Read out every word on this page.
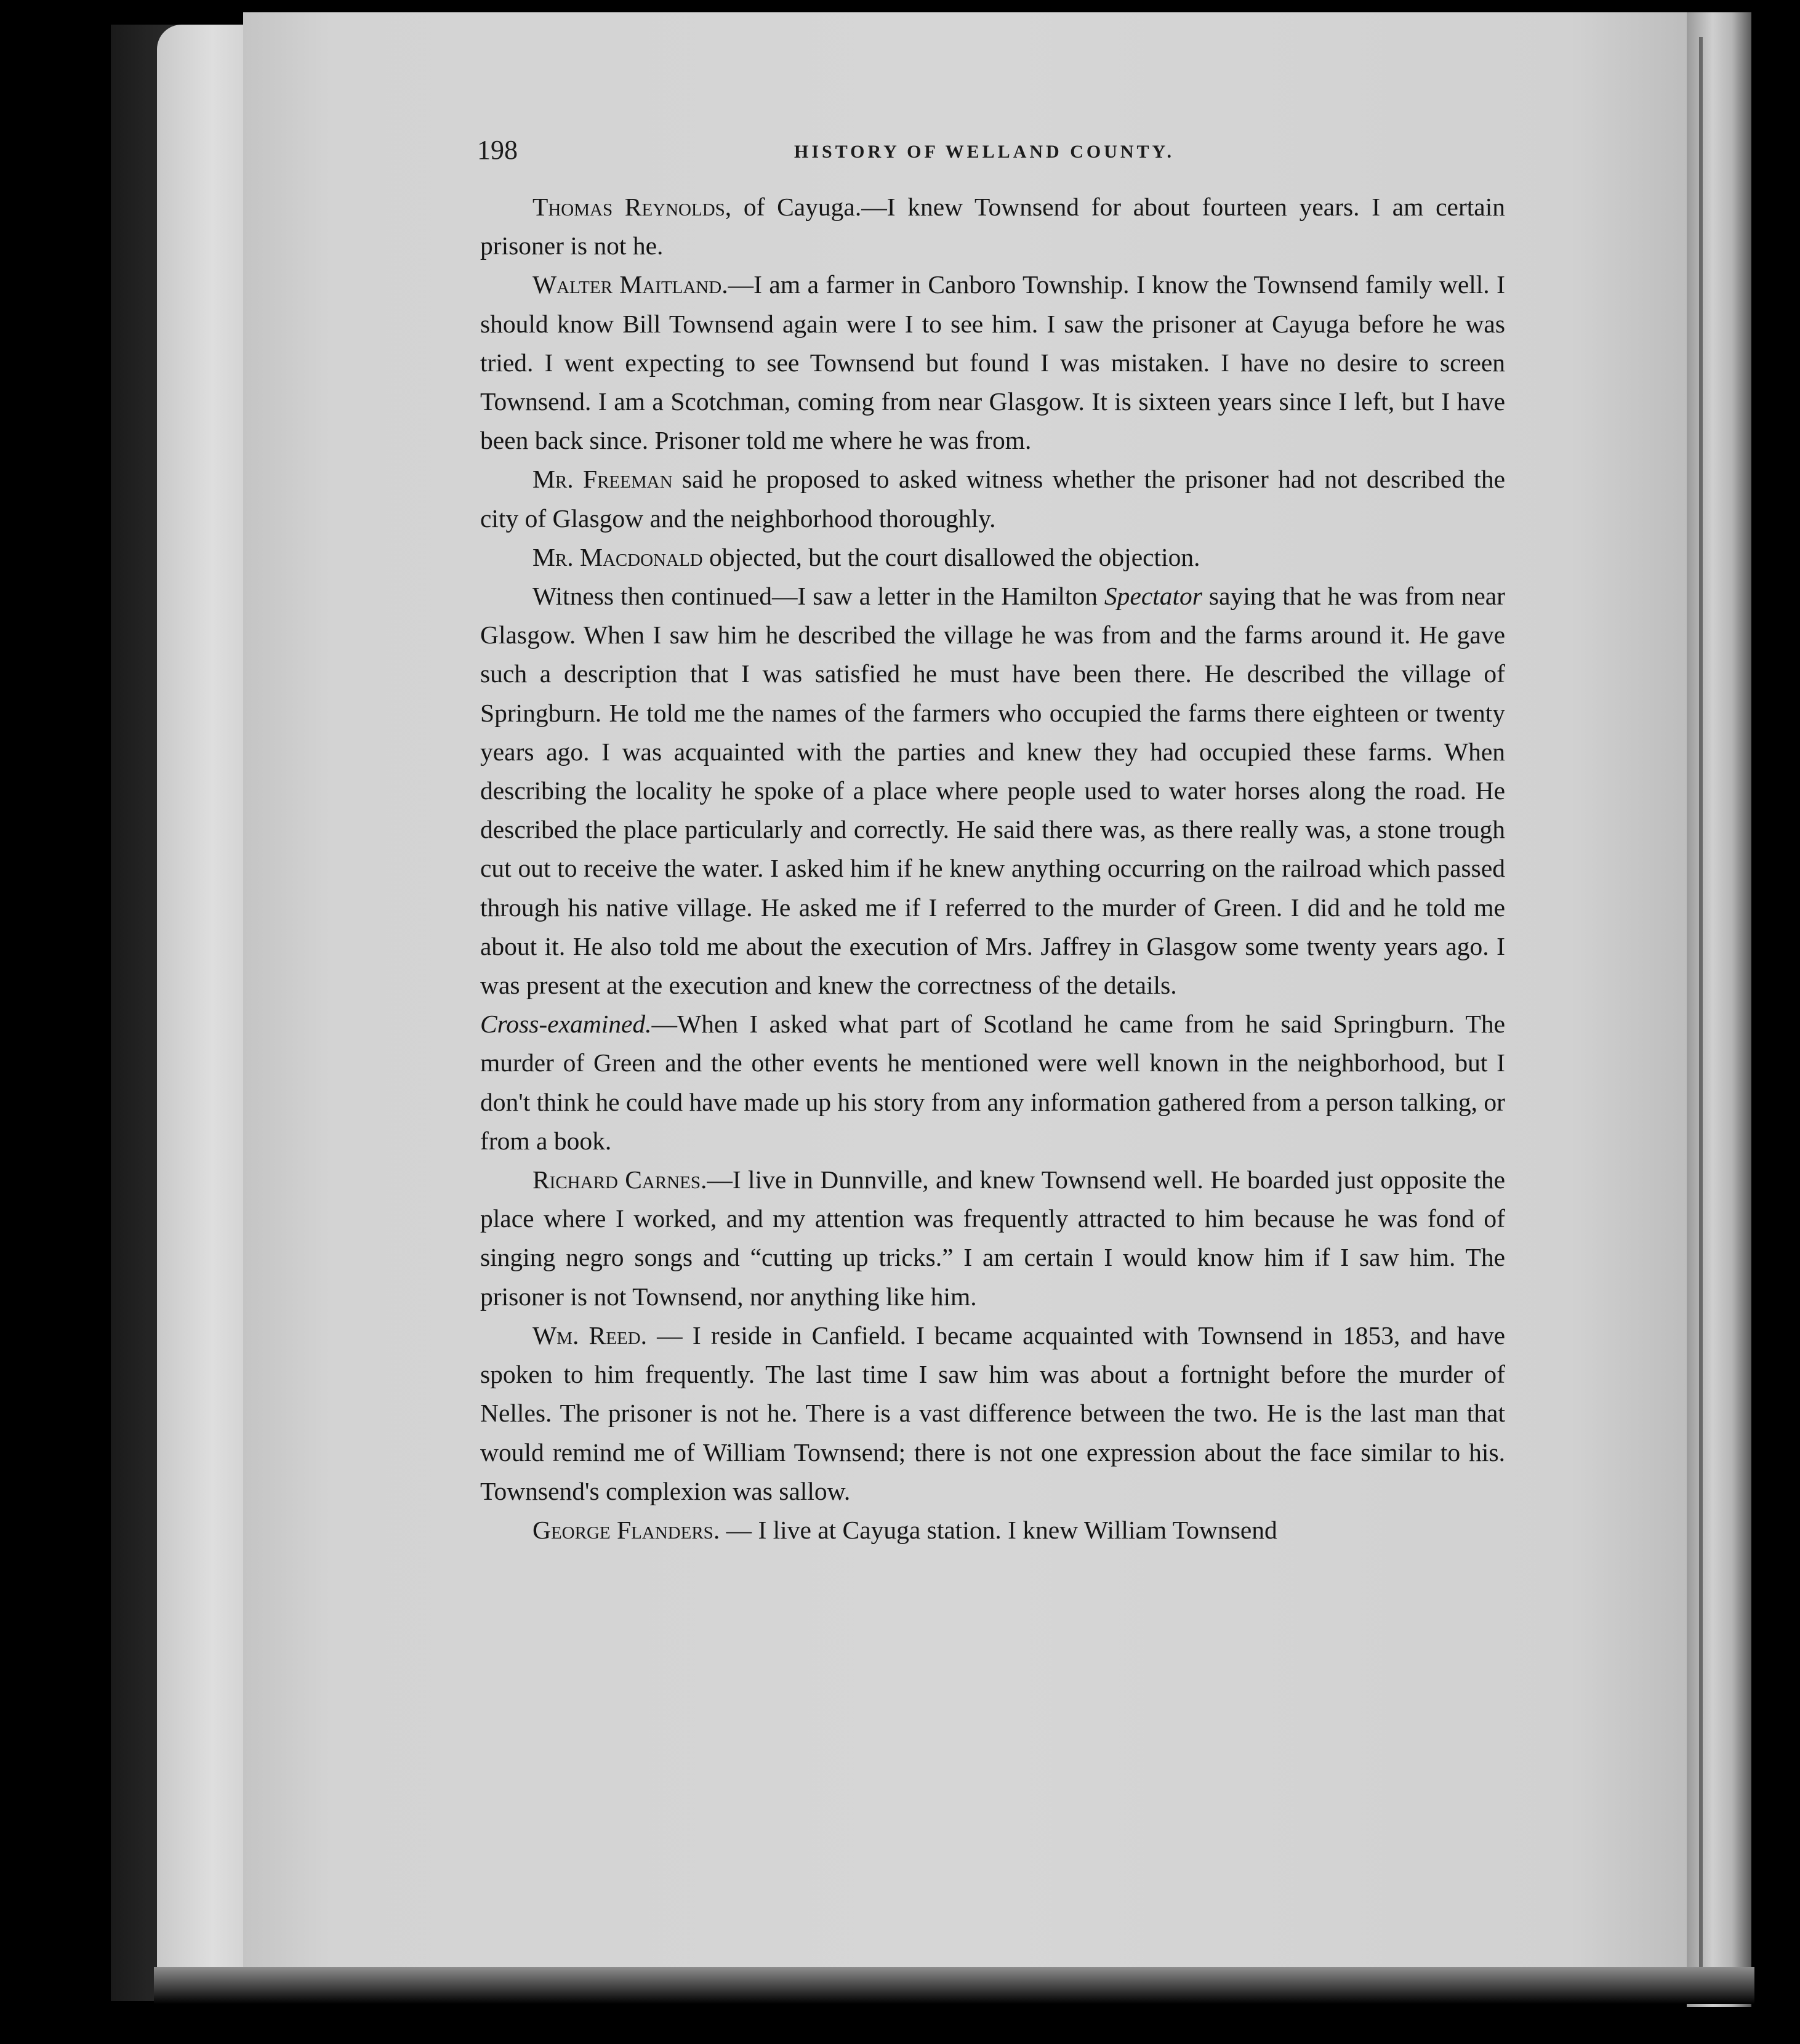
198	HISTORY OF WELLAND COUNTY.

Thomas Reynolds, of Cayuga.—I knew Townsend for about fourteen years. I am certain prisoner is not he.

Walter Maitland.—I am a farmer in Canboro Township. I know the Townsend family well. I should know Bill Townsend again were I to see him. I saw the prisoner at Cayuga before he was tried. I went expecting to see Townsend but found I was mistaken. I have no desire to screen Townsend. I am a Scotchman, coming from near Glasgow. It is sixteen years since I left, but I have been back since. Prisoner told me where he was from.

Mr. Freeman said he proposed to asked witness whether the prisoner had not described the city of Glasgow and the neighborhood thoroughly.

Mr. Macdonald objected, but the court disallowed the objection.

Witness then continued—I saw a letter in the Hamilton Spectator saying that he was from near Glasgow. When I saw him he described the village he was from and the farms around it. He gave such a description that I was satisfied he must have been there. He described the village of Springburn. He told me the names of the farmers who occupied the farms there eighteen or twenty years ago. I was acquainted with the parties and knew they had occupied these farms. When describing the locality he spoke of a place where people used to water horses along the road. He described the place particularly and correctly. He said there was, as there really was, a stone trough cut out to receive the water. I asked him if he knew anything occurring on the railroad which passed through his native village. He asked me if I referred to the murder of Green. I did and he told me about it. He also told me about the execution of Mrs. Jaffrey in Glasgow some twenty years ago. I was present at the execution and knew the correctness of the details.
Cross-examined.—When I asked what part of Scotland he came from he said Springburn. The murder of Green and the other events he mentioned were well known in the neighborhood, but I don't think he could have made up his story from any information gathered from a person talking, or from a book.

Richard Carnes.—I live in Dunnville, and knew Townsend well. He boarded just opposite the place where I worked, and my attention was frequently attracted to him because he was fond of singing negro songs and “cutting up tricks.” I am certain I would know him if I saw him. The prisoner is not Townsend, nor anything like him.

Wm. Reed. — I reside in Canfield. I became acquainted with Townsend in 1853, and have spoken to him frequently. The last time I saw him was about a fortnight before the murder of Nelles. The prisoner is not he. There is a vast difference between the two. He is the last man that would remind me of William Townsend; there is not one expression about the face similar to his. Townsend's complexion was sallow.

George Flanders. — I live at Cayuga station. I knew William Townsend
